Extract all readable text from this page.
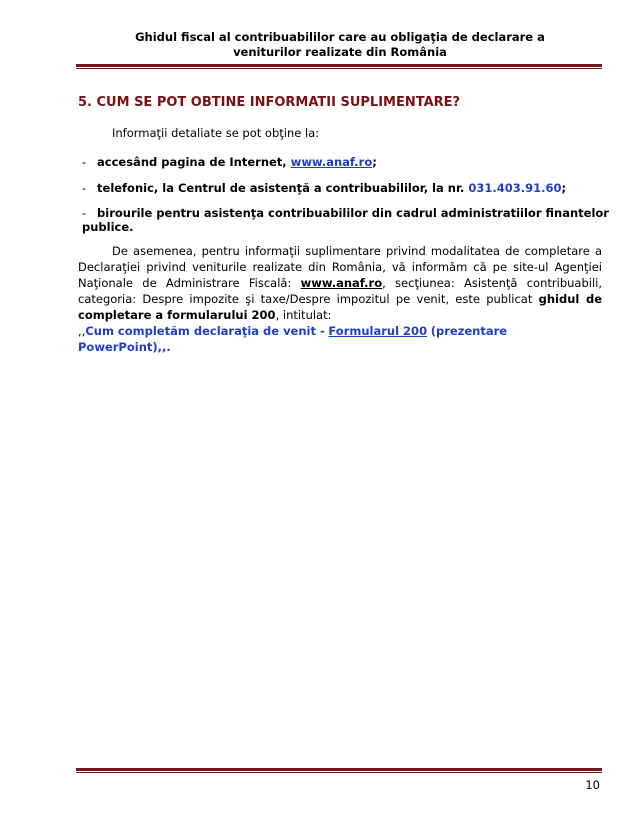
Ghidul fiscal al contribuabililor care au obligaţia de declarare a
veniturilor realizate din România
5. CUM SE POT OBTINE INFORMATII SUPLIMENTARE?
Informaţii detaliate se pot obţine la:
- accesând pagina de Internet, www.anaf.ro;
- telefonic, la Centrul de asistenţă a contribuabililor, la nr. 031.403.91.60;
- birourile pentru asistenţa contribuabililor din cadrul administratiilor finantelor publice.
De asemenea, pentru informaţii suplimentare privind modalitatea de completare a Declaraţiei privind veniturile realizate din România, vă informăm că pe site-ul Agenţiei Naţionale de Administrare Fiscală: www.anaf.ro, secţiunea: Asistenţă contribuabili, categoria: Despre impozite şi taxe/Despre impozitul pe venit, este publicat ghidul de completare a formularului 200, intitulat:
,,Cum completăm declaraţia de venit - Formularul 200 (prezentare PowerPoint),,.
10
